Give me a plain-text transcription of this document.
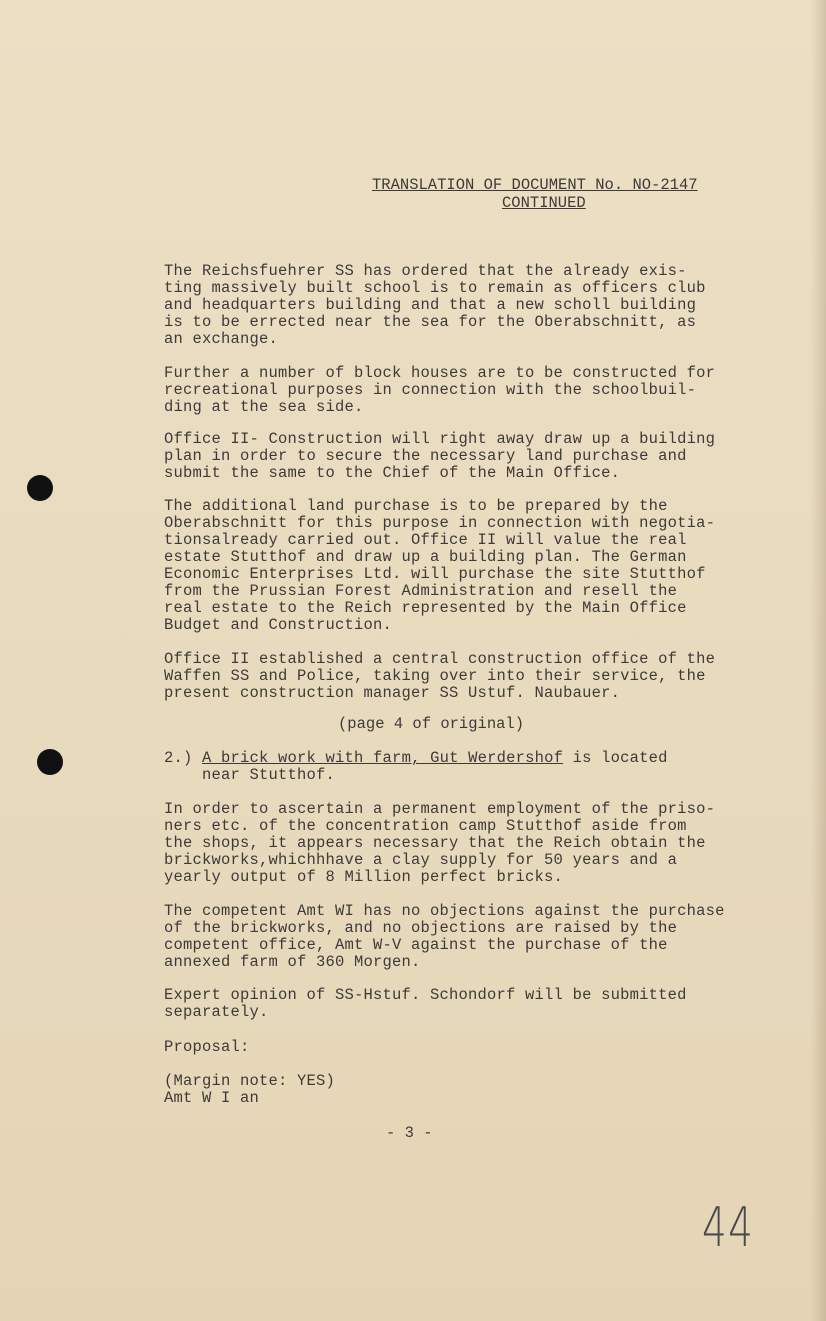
TRANSLATION OF DOCUMENT No. NO-2147
CONTINUED
The Reichsfuehrer SS has ordered that the already exis-
ting massively built school is to remain as officers club
and headquarters building and that a new scholl building
is to be errected near the sea for the Oberabschnitt, as
an exchange.
Further a number of block houses are to be constructed for
recreational purposes in connection with the schoolbuil-
ding at the sea side.
Office II- Construction will right away draw up a building
plan in order to secure the necessary land purchase and
submit the same to the Chief of the Main Office.
The additional land purchase is to be prepared by the
Oberabschnitt for this purpose in connection with negotia-
tionsalready carried out. Office II will value the real
estate Stutthof and draw up a building plan. The German
Economic Enterprises Ltd. will purchase the site Stutthof
from the Prussian Forest Administration and resell the
real estate to the Reich represented by the Main Office
Budget and Construction.
Office II established a central construction office of the
Waffen SS and Police, taking over into their service, the
present construction manager SS Ustuf. Naubauer.
(page 4 of original)
2.) A brick work with farm, Gut Werdershof is located
near Stutthof.
In order to ascertain a permanent employment of the priso-
ners etc. of the concentration camp Stutthof aside from
the shops, it appears necessary that the Reich obtain the
brickworks,whichhhave a clay supply for 50 years and a
yearly output of 8 Million perfect bricks.
The competent Amt WI has no objections against the purchase
of the brickworks, and no objections are raised by the
competent office, Amt W-V against the purchase of the
annexed farm of 360 Morgen.
Expert opinion of SS-Hstuf. Schondorf will be submitted
separately.
Proposal:
(Margin note: YES)
Amt W I an
- 3 -
44
